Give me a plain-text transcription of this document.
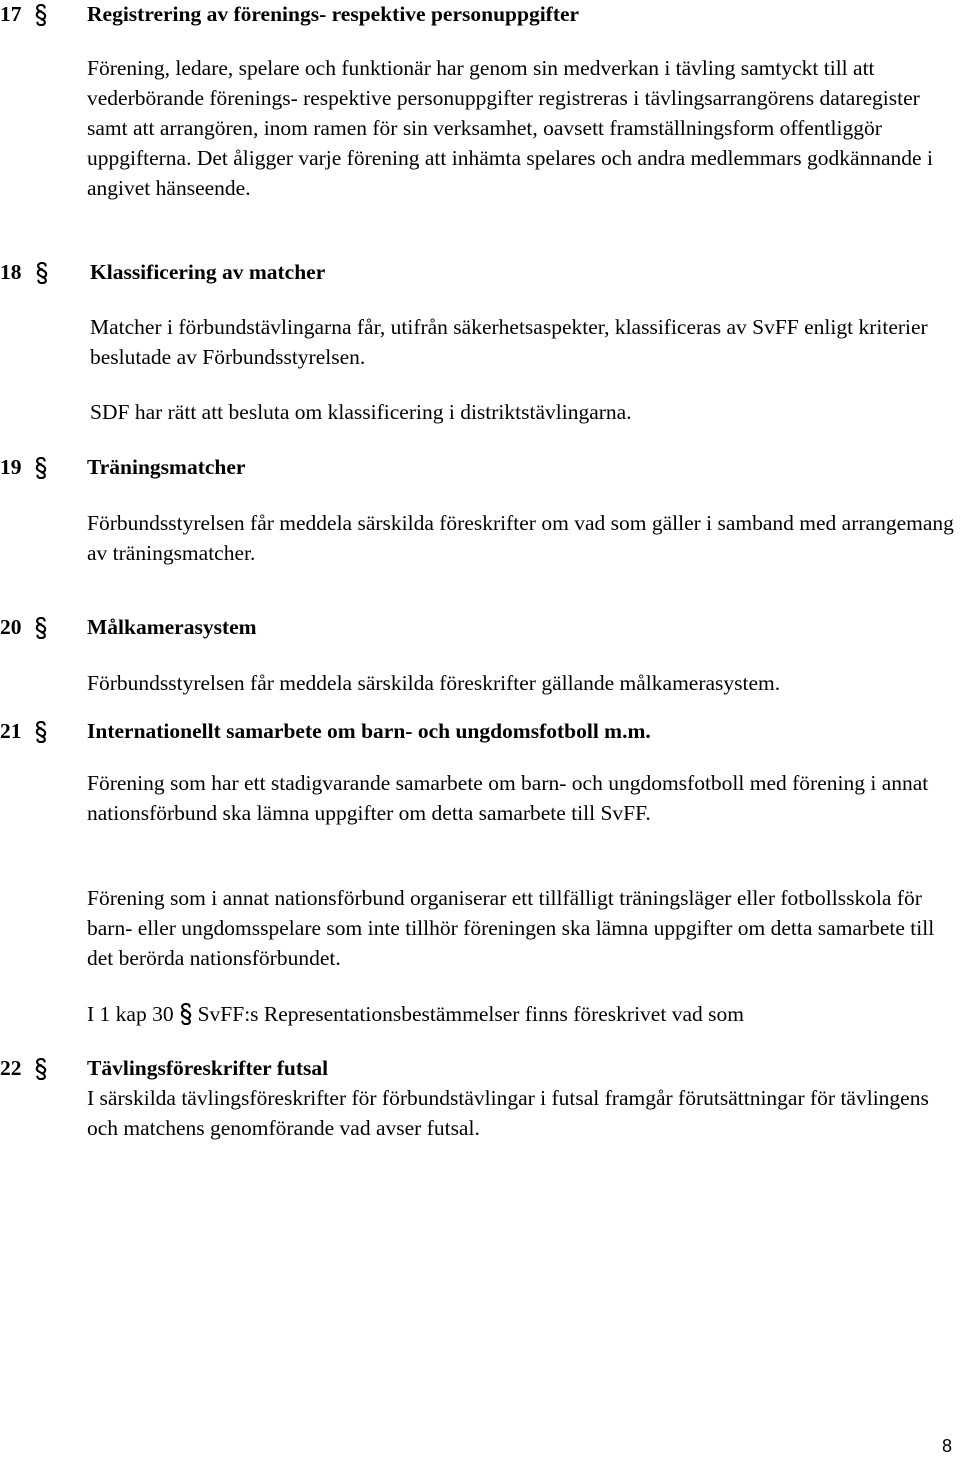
17	Registrering av förenings- respektive personuppgifter

Förening, ledare, spelare och funktionär har genom sin medverkan i tävling samtyckt till att vederbörande förenings- respektive personuppgifter registreras i tävlingsarrangörens dataregister samt att arrangören, inom ramen för sin verksamhet, oavsett framställningsform offentliggör uppgifterna. Det åligger varje förening att inhämta spelares och andra medlemmars godkännande i angivet hänseende.

18	Klassificering av matcher

Matcher i förbundstävlingarna får, utifrån säkerhetsaspekter, klassificeras av SvFF enligt kriterier beslutade av Förbundsstyrelsen.

SDF har rätt att besluta om klassificering i distriktstävlingarna.

19	Träningsmatcher

Förbundsstyrelsen får meddela särskilda föreskrifter om vad som gäller i samband med arrangemang av träningsmatcher.

20	Målkamerasystem

Förbundsstyrelsen får meddela särskilda föreskrifter gällande målkamerasystem.

21	Internationellt samarbete om barn- och ungdomsfotboll m.m.

Förening som har ett stadigvarande samarbete om barn- och ungdomsfotboll med förening i annat nationsförbund ska lämna uppgifter om detta samarbete till SvFF.

Förening som i annat nationsförbund organiserar ett tillfälligt träningsläger eller fotbollsskola för barn- eller ungdomsspelare som inte tillhör föreningen ska lämna uppgifter om detta samarbete till det berörda nationsförbundet.

I 1 kap 30 SvFF:s Representationsbestämmelser finns föreskrivet vad som

22	Tävlingsföreskrifter futsal

I särskilda tävlingsföreskrifter för förbundstävlingar i futsal framgår förutsättningar för tävlingens och matchens genomförande vad avser futsal.

8
